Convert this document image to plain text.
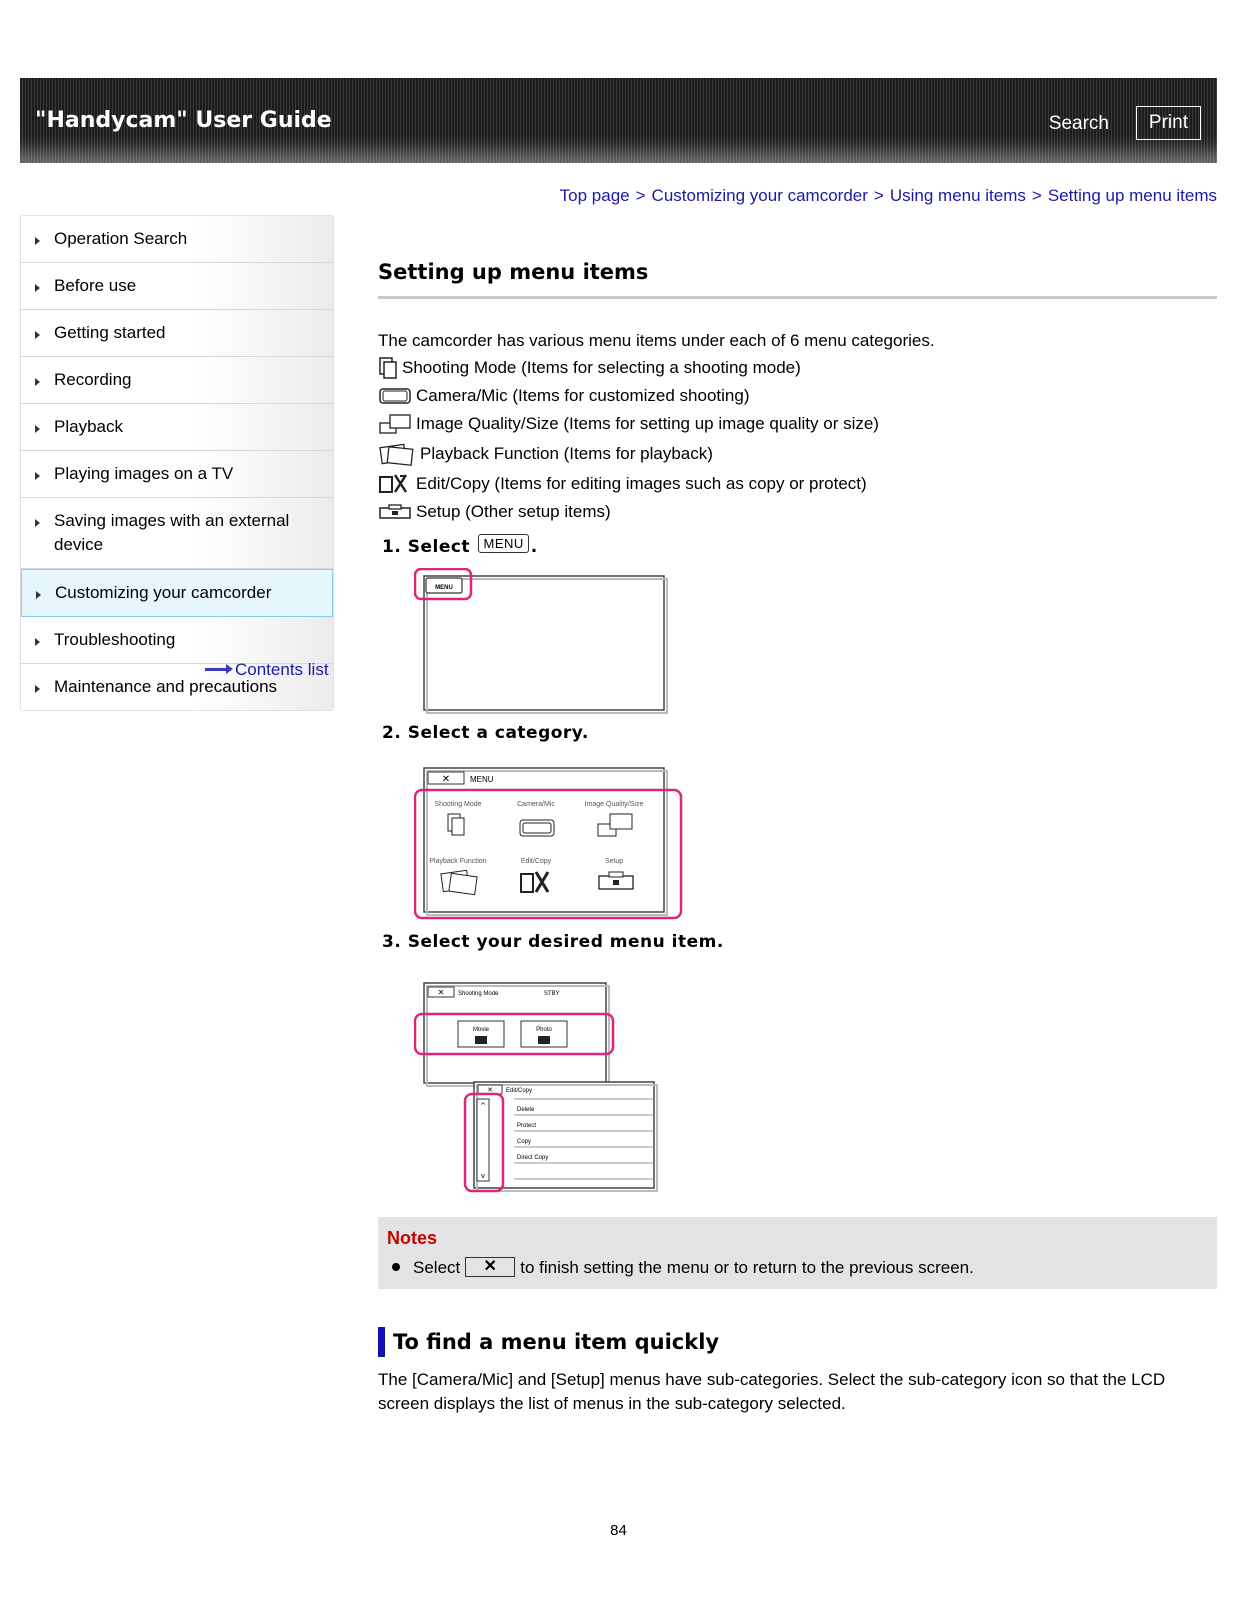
"Handycam" User Guide	Search	Print
Top page > Customizing your camcorder > Using menu items > Setting up menu items
Operation Search
Before use
Getting started
Recording
Playback
Playing images on a TV
Saving images with an external device
Customizing your camcorder
Troubleshooting
Maintenance and precautions
Contents list
Setting up menu items
The camcorder has various menu items under each of 6 menu categories.
Shooting Mode (Items for selecting a shooting mode)
Camera/Mic (Items for customized shooting)
Image Quality/Size (Items for setting up image quality or size)
Playback Function (Items for playback)
Edit/Copy (Items for editing images such as copy or protect)
Setup (Other setup items)
1. Select MENU .
MENU
2. Select a category.
✕ MENU
Shooting Mode	Camera/Mic	Image Quality/Size
Playback Function	Edit/Copy	Setup
3. Select your desired menu item.
✕ Shooting Mode	STBY
Movie	Photo
✕ Edit/Copy
^
v
Delete
Protect
Copy
Direct Copy
Notes
Select ✕ to finish setting the menu or to return to the previous screen.
To find a menu item quickly
The [Camera/Mic] and [Setup] menus have sub-categories. Select the sub-category icon so that the LCD screen displays the list of menus in the sub-category selected.
84
